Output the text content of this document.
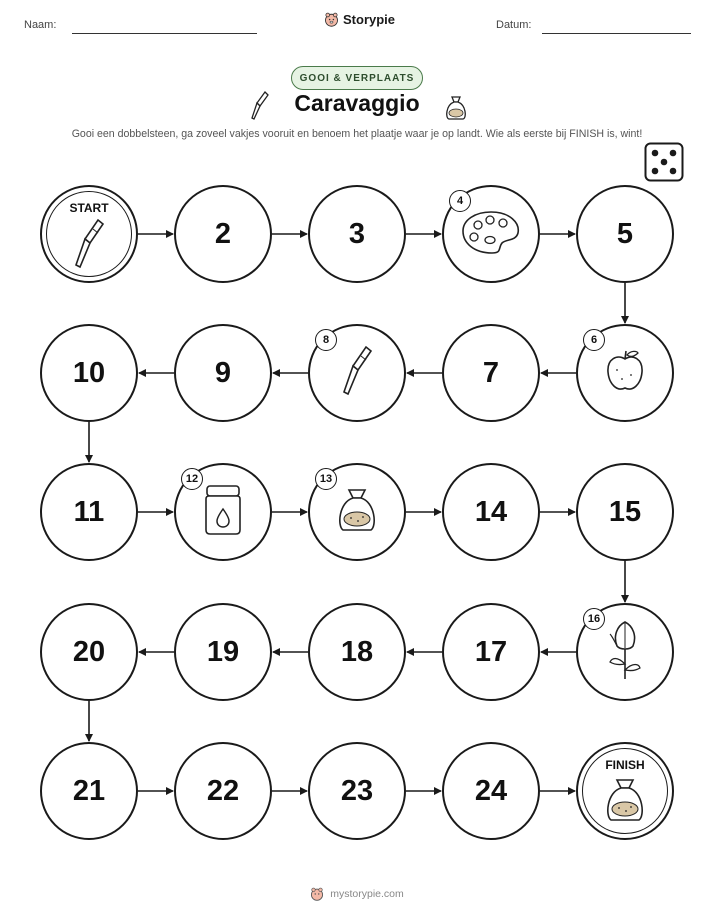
Naam:	Storypie	Datum:
GOOI & VERPLAATS
Caravaggio
Gooi een dobbelsteen, ga zoveel vakjes vooruit en benoem het plaatje waar je op landt. Wie als eerste bij FINISH is, wint!
START
2	3
4
5
6
7
8
9
10
11
12	13
14	15
16
17
18
19
20
21	22	23	24
FINISH
mystorypie.com
